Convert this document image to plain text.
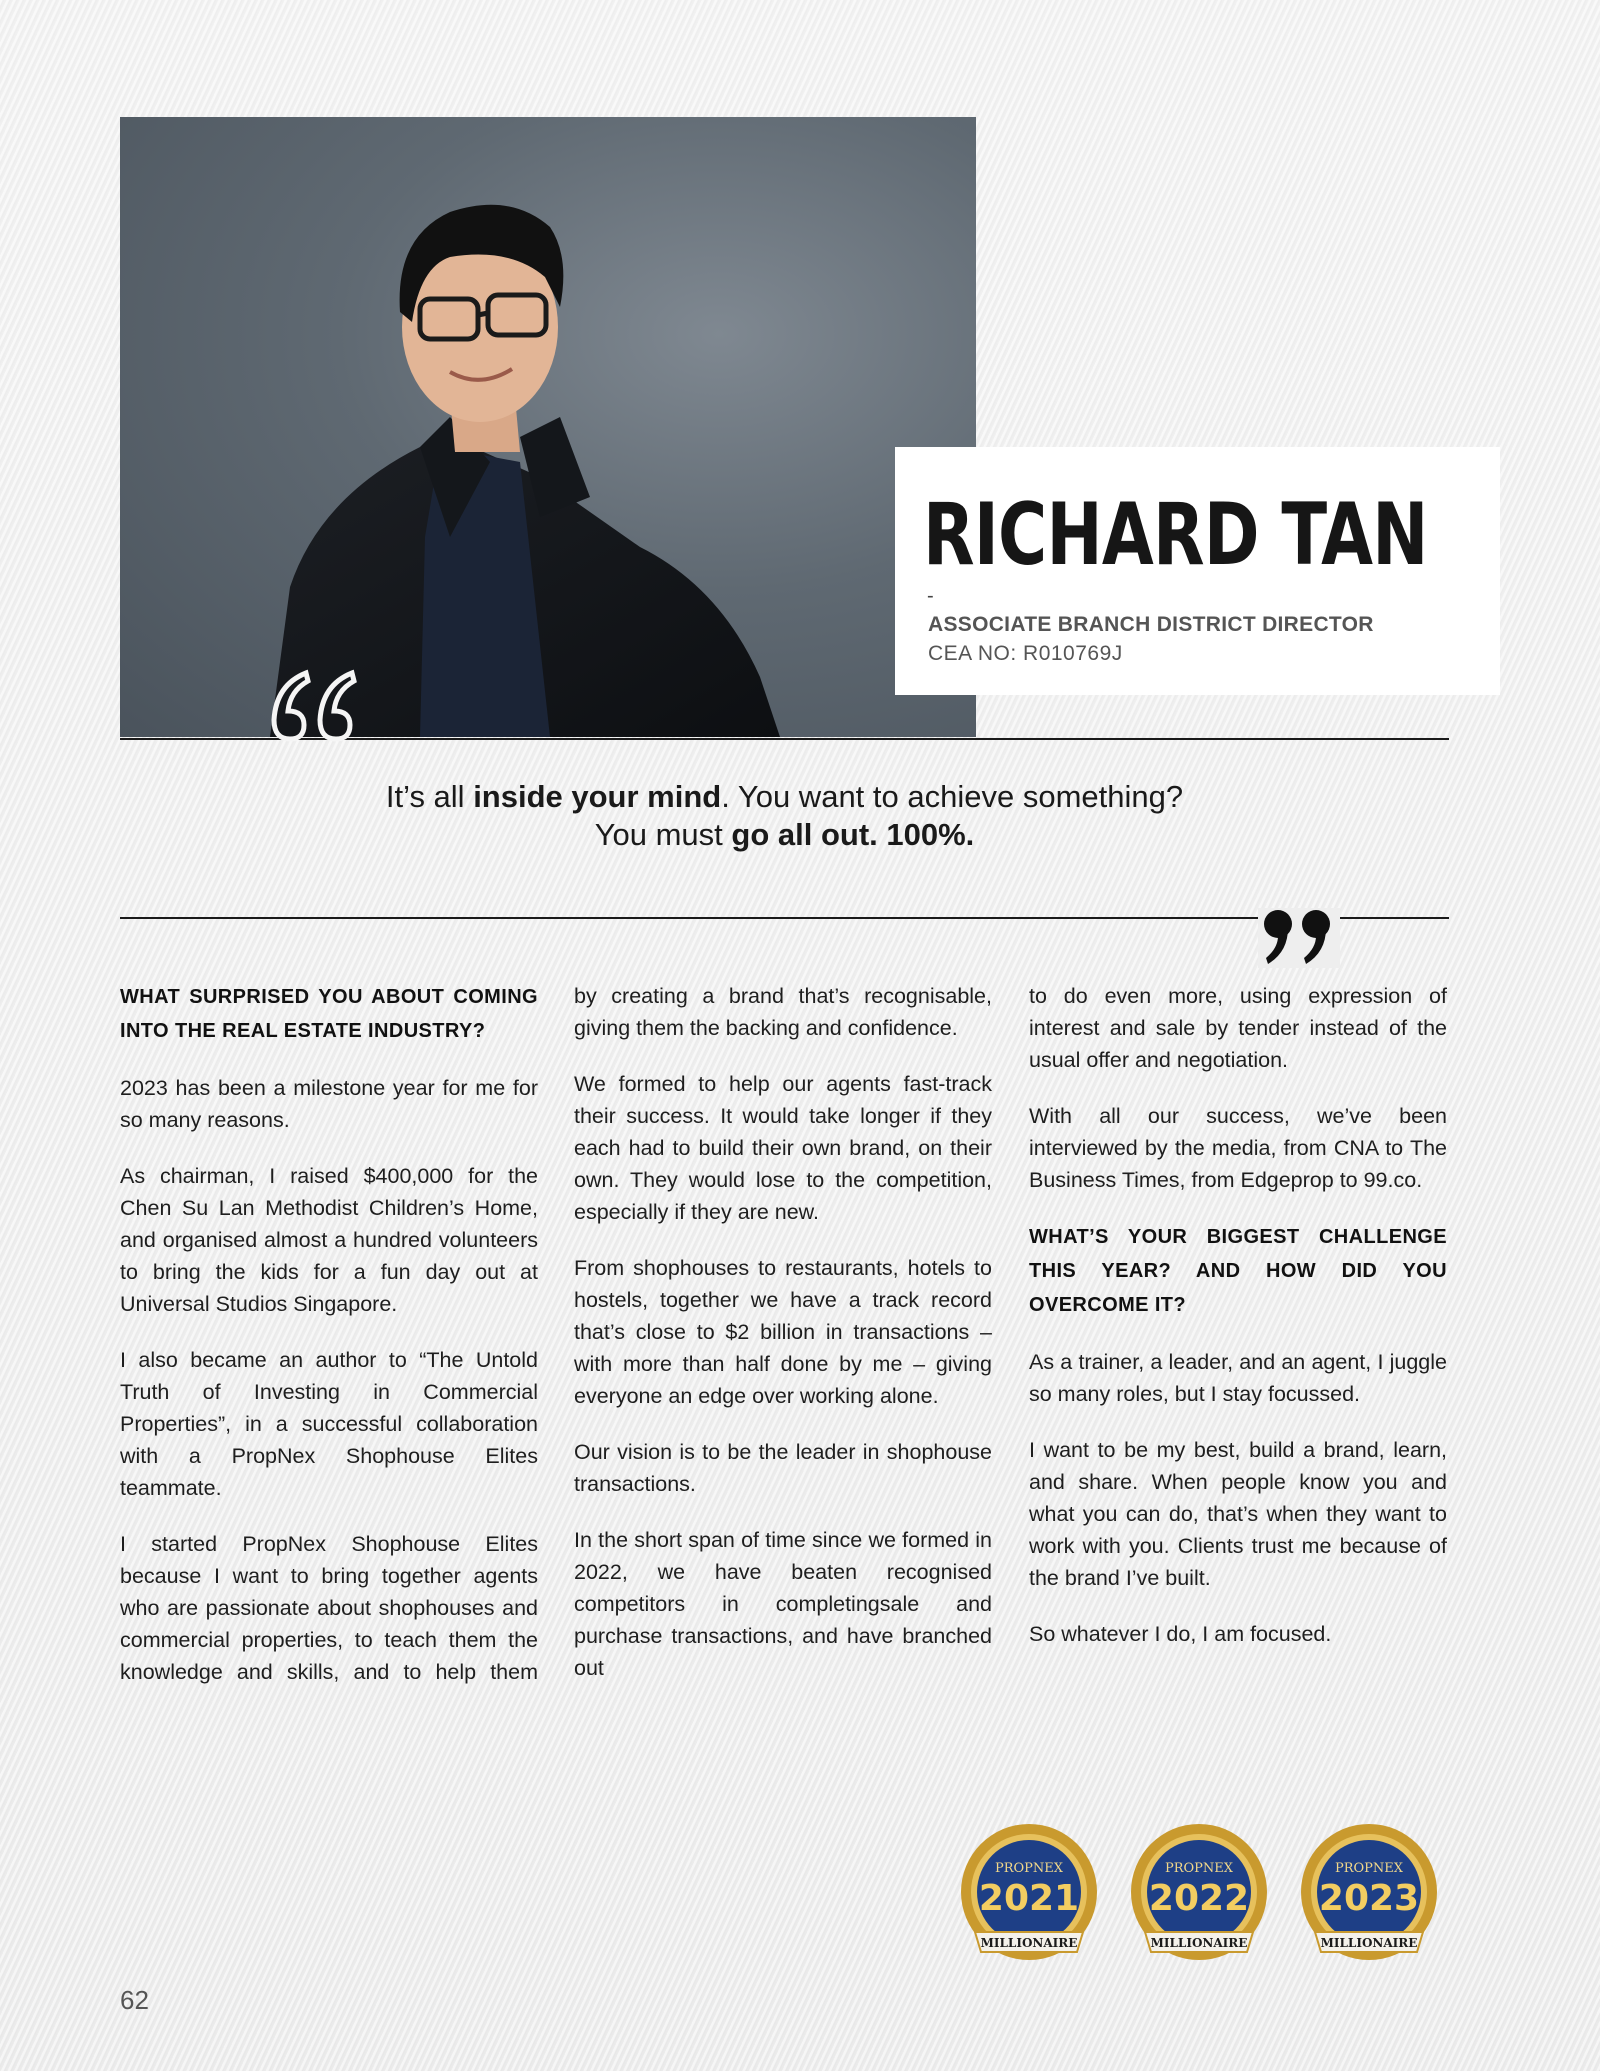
RICHARD TAN
-
ASSOCIATE BRANCH DISTRICT DIRECTOR
CEA NO: R010769J
It’s all inside your mind. You want to achieve something?
You must go all out. 100%.
WHAT SURPRISED YOU ABOUT COMING INTO THE REAL ESTATE INDUSTRY?

2023 has been a milestone year for me for so many reasons.

As chairman, I raised $400,000 for the Chen Su Lan Methodist Children’s Home, and organised almost a hundred volunteers to bring the kids for a fun day out at Universal Studios Singapore.

I also became an author to “The Untold Truth of Investing in Commercial Properties”, in a successful collaboration with a PropNex Shophouse Elites teammate.

I started PropNex Shophouse Elites because I want to bring together agents who are passionate about shophouses and commercial properties, to teach them the knowledge and skills, and to help them

by creating a brand that’s recognisable, giving them the backing and confidence.

We formed to help our agents fast-track their success. It would take longer if they each had to build their own brand, on their own. They would lose to the competition, especially if they are new.

From shophouses to restaurants, hotels to hostels, together we have a track record that’s close to $2 billion in transactions – with more than half done by me – giving everyone an edge over working alone.

Our vision is to be the leader in shophouse transactions.

In the short span of time since we formed in 2022, we have beaten recognised competitors in completingsale and purchase transactions, and have branched out

to do even more, using expression of interest and sale by tender instead of the usual offer and negotiation.

With all our success, we’ve been interviewed by the media, from CNA to The Business Times, from Edgeprop to 99.co.

WHAT’S YOUR BIGGEST CHALLENGE THIS YEAR? AND HOW DID YOU OVERCOME IT?

As a trainer, a leader, and an agent, I juggle so many roles, but I stay focussed.

I want to be my best, build a brand, learn, and share. When people know you and what you can do, that’s when they want to work with you. Clients trust me because of the brand I’ve built.

So whatever I do, I am focused.

PROPNEX
2021
MILLIONAIRE
PROPNEX
2022
MILLIONAIRE
PROPNEX
2023
MILLIONAIRE
62
